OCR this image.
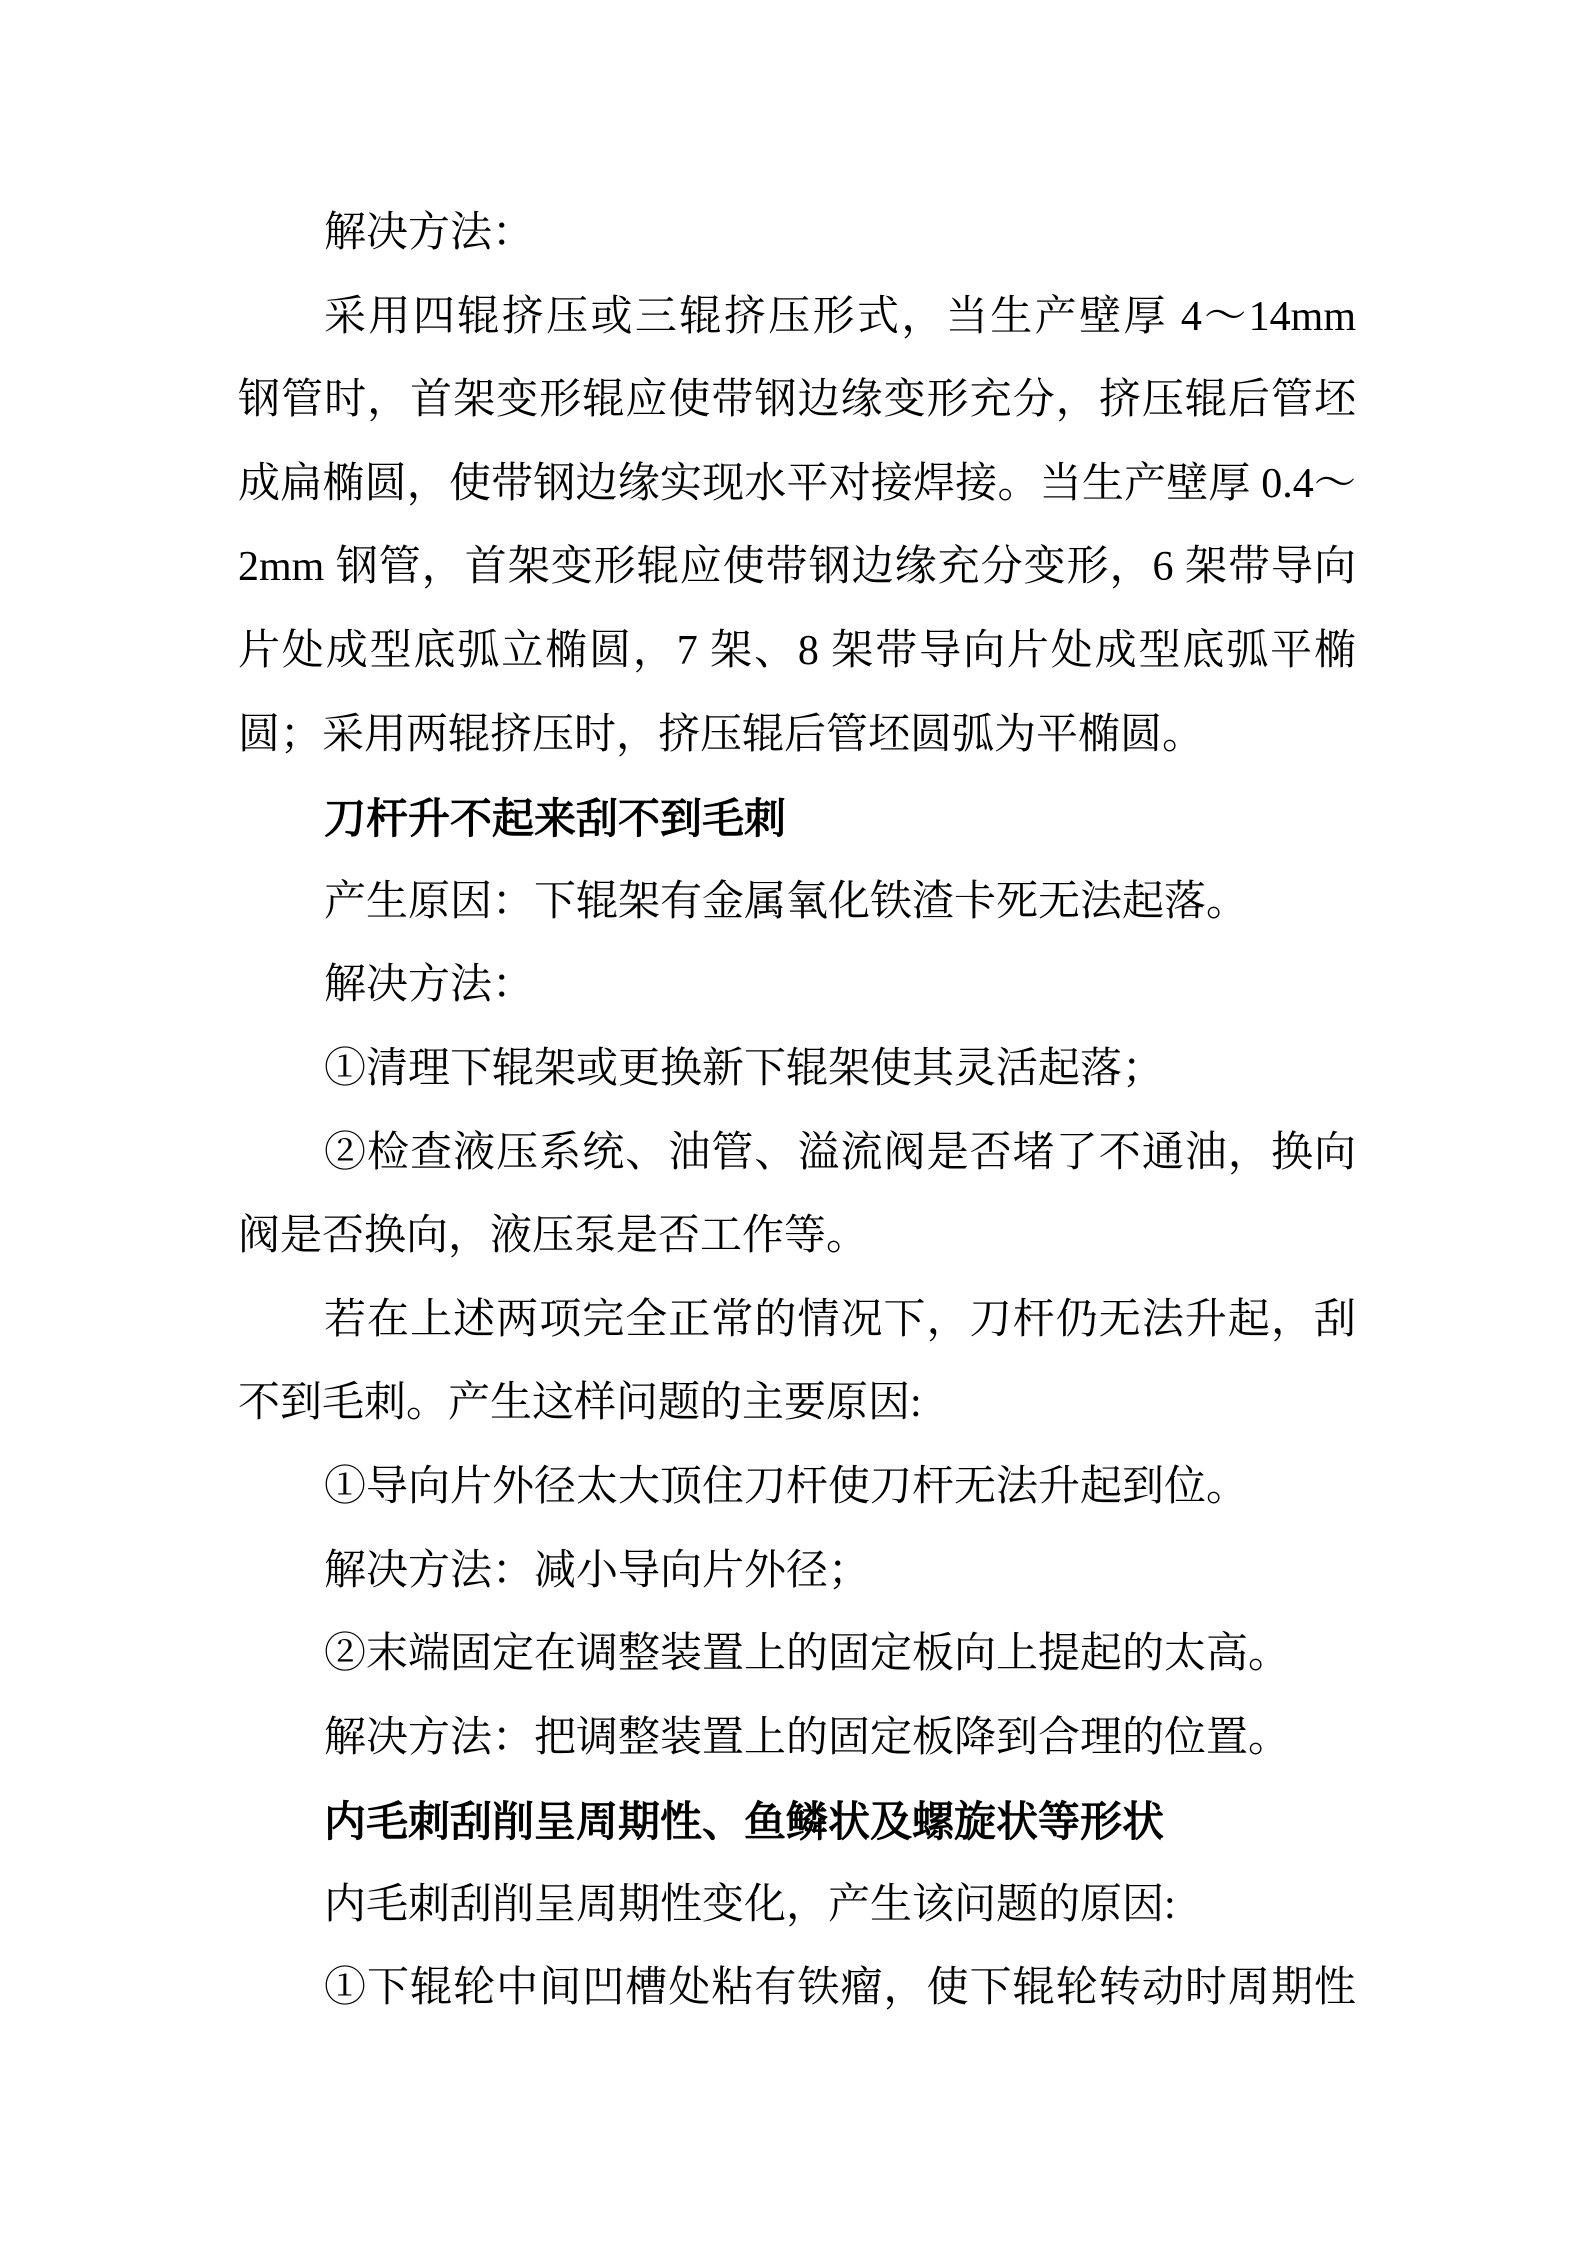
解决方法：
采用四辊挤压或三辊挤压形式，当生产壁厚 4～14mm
钢管时，首架变形辊应使带钢边缘变形充分，挤压辊后管坯
成扁椭圆，使带钢边缘实现水平对接焊接。当生产壁厚 0.4～
2mm 钢管，首架变形辊应使带钢边缘充分变形，6 架带导向
片处成型底弧立椭圆，7 架、8 架带导向片处成型底弧平椭
圆；采用两辊挤压时，挤压辊后管坯圆弧为平椭圆。
刀杆升不起来刮不到毛刺
产生原因：下辊架有金属氧化铁渣卡死无法起落。
解决方法：
①清理下辊架或更换新下辊架使其灵活起落；
②检查液压系统、油管、溢流阀是否堵了不通油，换向
阀是否换向，液压泵是否工作等。
若在上述两项完全正常的情况下，刀杆仍无法升起，刮
不到毛刺。产生这样问题的主要原因:
①导向片外径太大顶住刀杆使刀杆无法升起到位。
解决方法：减小导向片外径；
②末端固定在调整装置上的固定板向上提起的太高。
解决方法：把调整装置上的固定板降到合理的位置。
内毛刺刮削呈周期性、鱼鳞状及螺旋状等形状
内毛刺刮削呈周期性变化，产生该问题的原因:
①下辊轮中间凹槽处粘有铁瘤，使下辊轮转动时周期性
